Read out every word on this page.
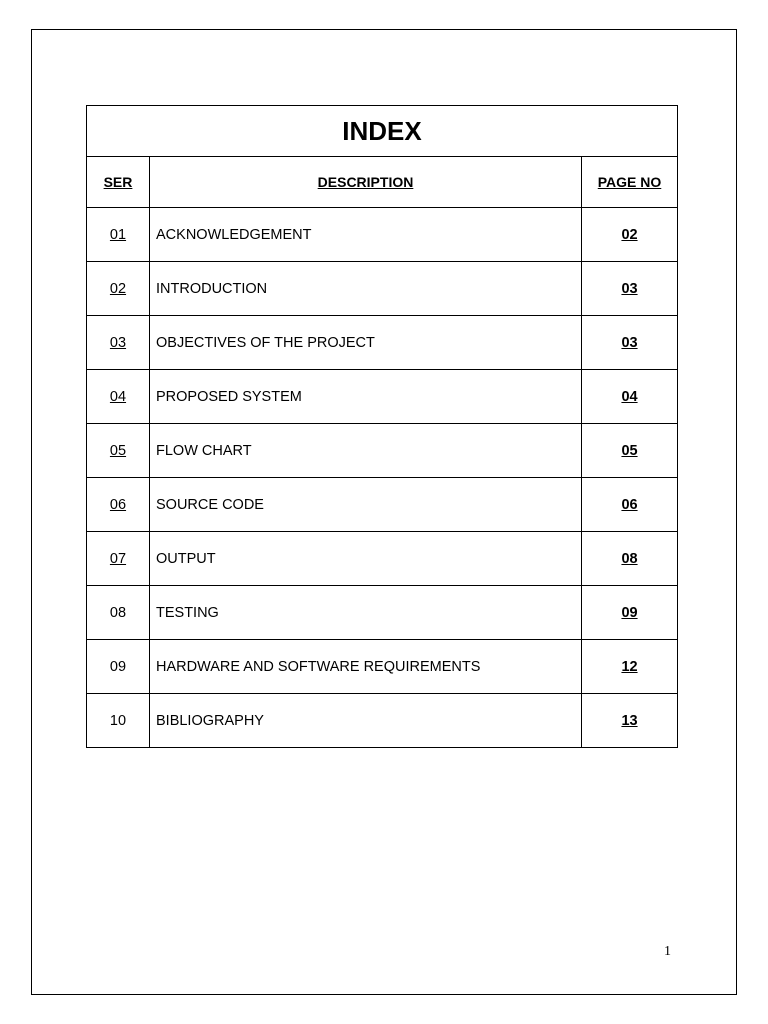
INDEX		
SER	DESCRIPTION	PAGE NO
01	ACKNOWLEDGEMENT	02
02	INTRODUCTION	03
03	OBJECTIVES OF THE PROJECT	03
04	PROPOSED SYSTEM	04
05	FLOW CHART	05
06	SOURCE CODE	06
07	OUTPUT	08
08	TESTING	09
09	HARDWARE AND SOFTWARE REQUIREMENTS	12
10	BIBLIOGRAPHY	13
1
